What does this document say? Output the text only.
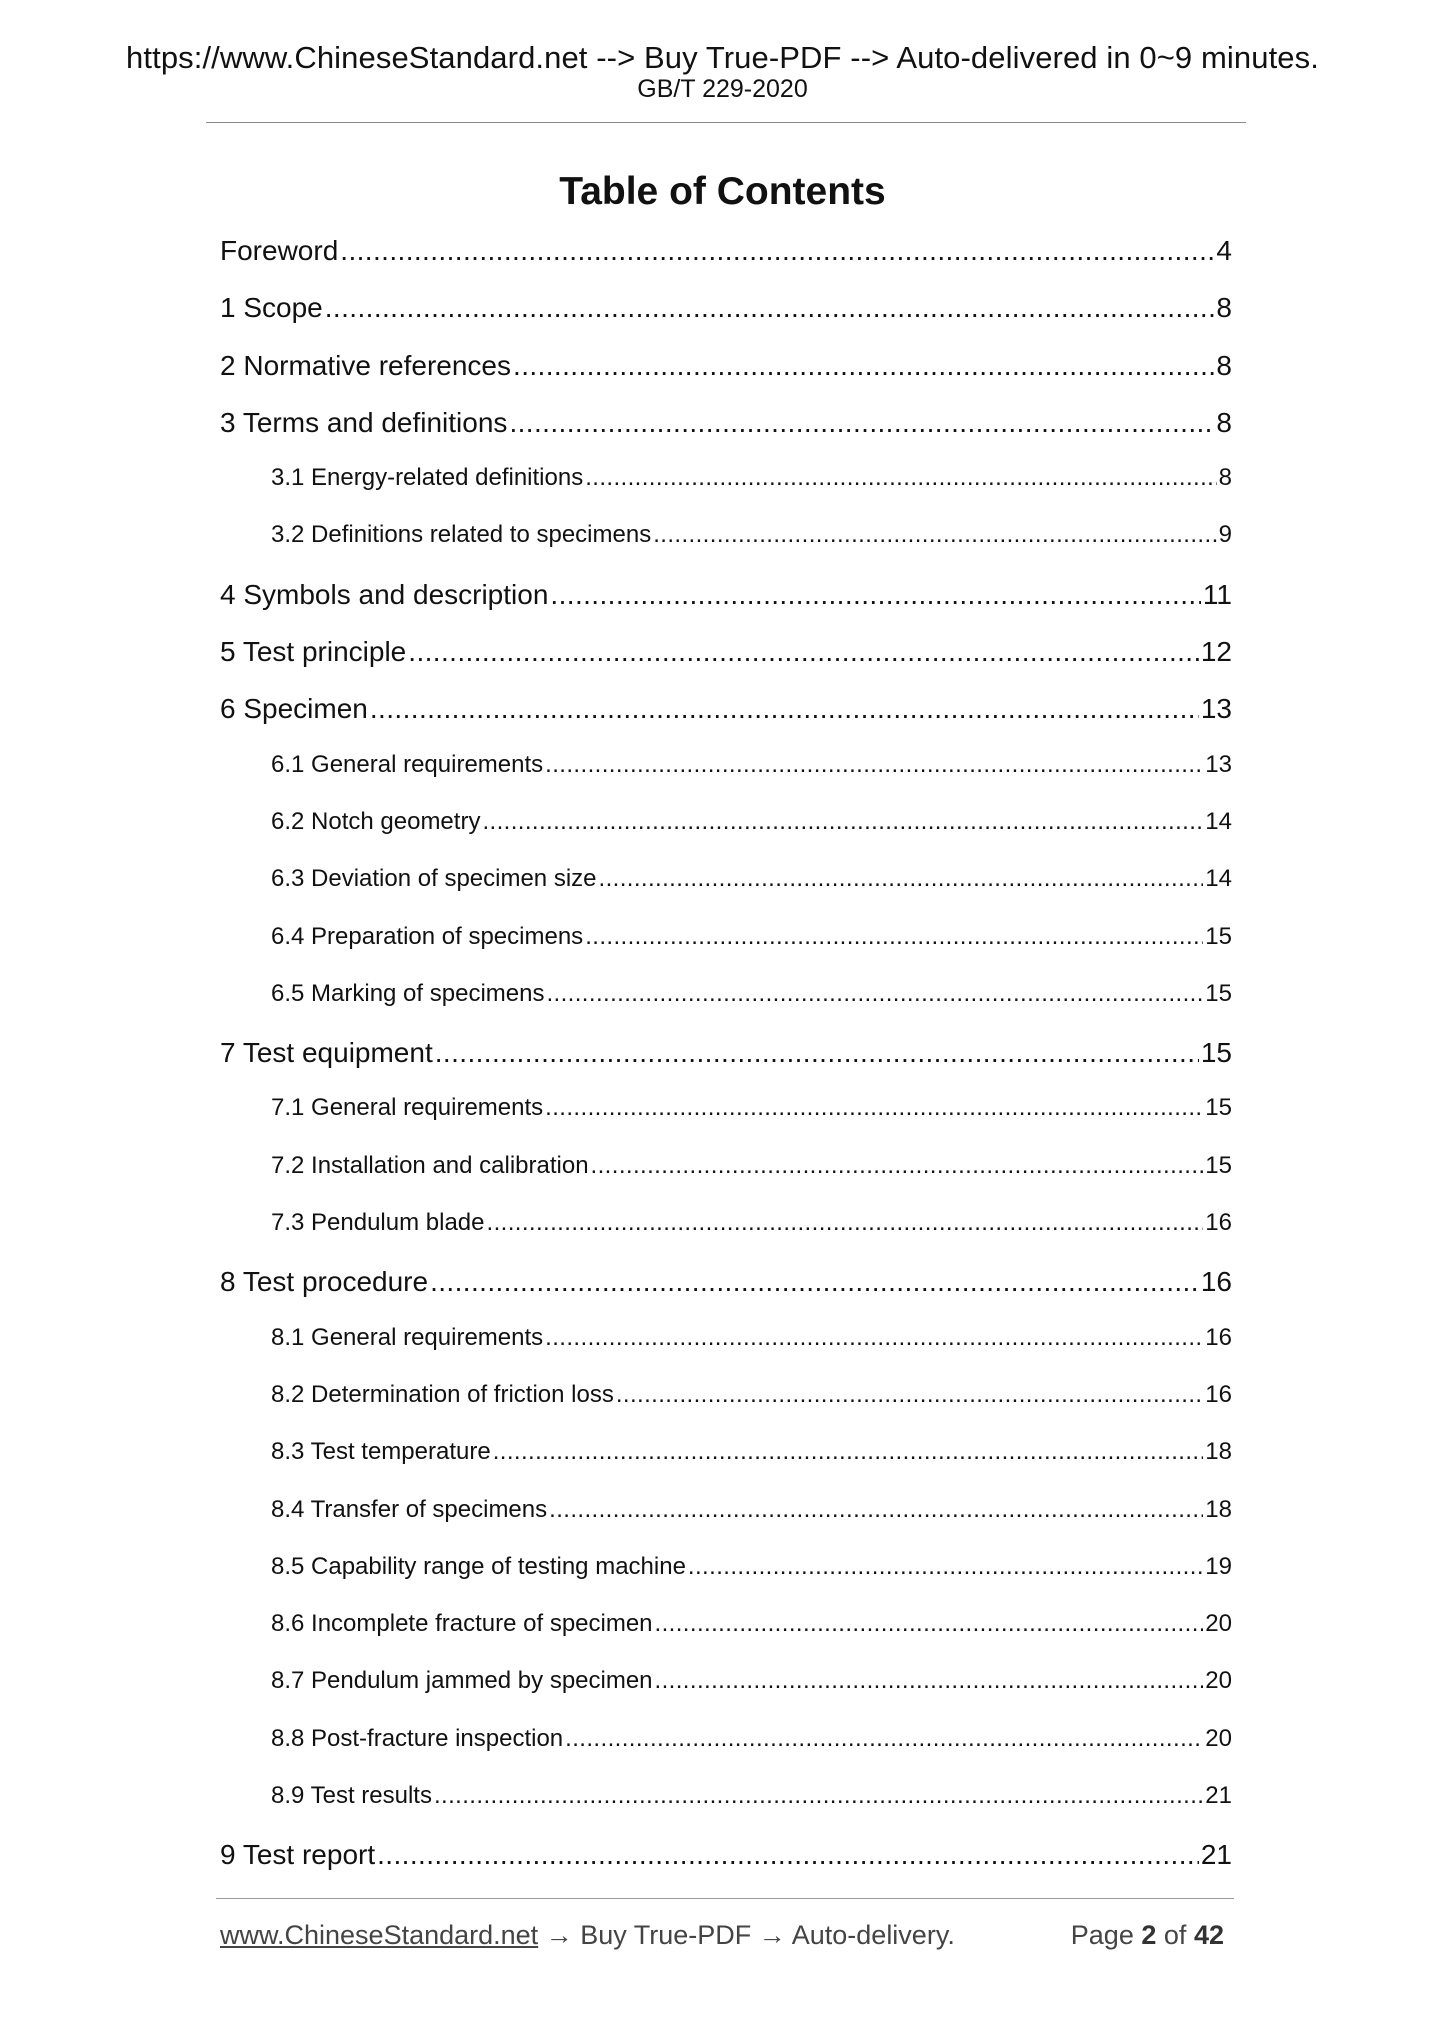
https://www.ChineseStandard.net --> Buy True-PDF --> Auto-delivered in 0~9 minutes.
GB/T 229-2020
Table of Contents
Foreword .....	4
1 Scope .....	8
2 Normative references .....	8
3 Terms and definitions .....	8
3.1 Energy-related definitions .....	8
3.2 Definitions related to specimens .....	9
4 Symbols and description .....	11
5 Test principle .....	12
6 Specimen .....	13
6.1 General requirements .....	13
6.2 Notch geometry .....	14
6.3 Deviation of specimen size .....	14
6.4 Preparation of specimens .....	15
6.5 Marking of specimens .....	15
7 Test equipment .....	15
7.1 General requirements .....	15
7.2 Installation and calibration .....	15
7.3 Pendulum blade .....	16
8 Test procedure .....	16
8.1 General requirements .....	16
8.2 Determination of friction loss .....	16
8.3 Test temperature .....	18
8.4 Transfer of specimens .....	18
8.5 Capability range of testing machine .....	19
8.6 Incomplete fracture of specimen .....	20
8.7 Pendulum jammed by specimen .....	20
8.8 Post-fracture inspection .....	20
8.9 Test results .....	21
9 Test report .....	21
www.ChineseStandard.net → Buy True-PDF → Auto-delivery.	Page 2 of 42
